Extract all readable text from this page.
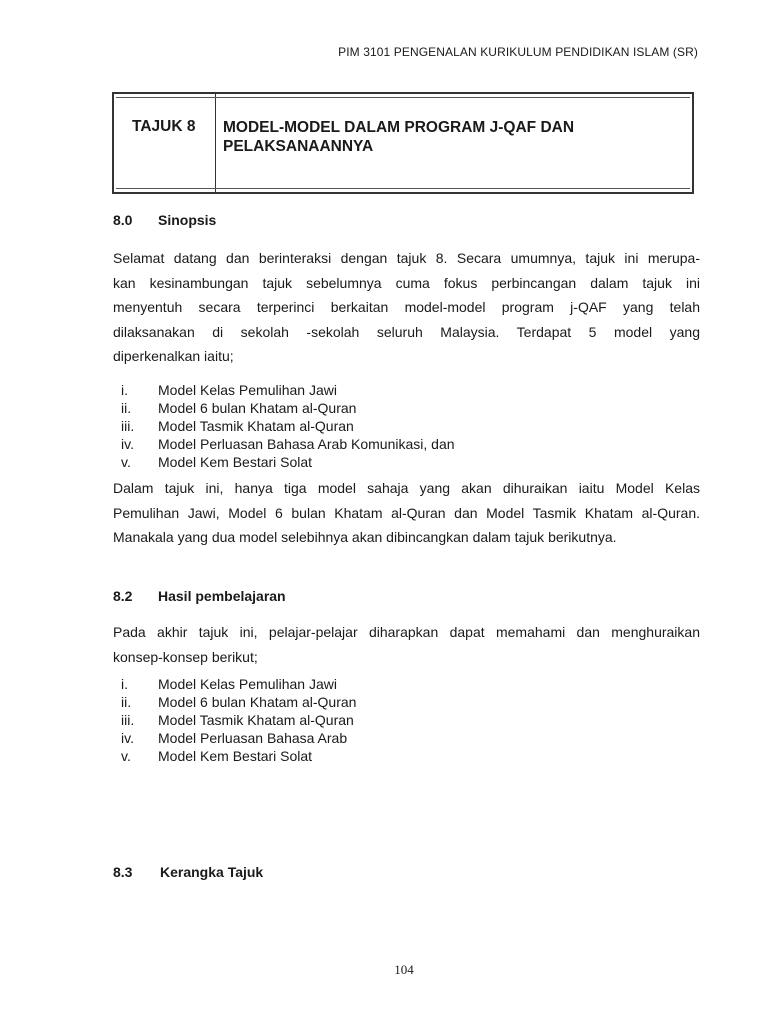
PIM 3101 PENGENALAN KURIKULUM PENDIDIKAN ISLAM (SR)
TAJUK 8	MODEL-MODEL DALAM PROGRAM J-QAF DAN
PELAKSANAANNYA
8.0 Sinopsis
Selamat datang dan berinteraksi dengan tajuk 8. Secara umumnya, tajuk ini merupa-
kan kesinambungan tajuk sebelumnya cuma fokus perbincangan dalam tajuk ini
menyentuh secara terperinci berkaitan model-model program j-QAF yang telah
dilaksanakan di sekolah -sekolah seluruh Malaysia. Terdapat 5 model yang
diperkenalkan iaitu;
i.	Model Kelas Pemulihan Jawi
ii.	Model 6 bulan Khatam al-Quran
iii.	Model Tasmik Khatam al-Quran
iv.	Model Perluasan Bahasa Arab Komunikasi, dan
v.	Model Kem Bestari Solat
Dalam tajuk ini, hanya tiga model sahaja yang akan dihuraikan iaitu Model Kelas
Pemulihan Jawi, Model 6 bulan Khatam al-Quran dan Model Tasmik Khatam al-Quran.
Manakala yang dua model selebihnya akan dibincangkan dalam tajuk berikutnya.
8.2 Hasil pembelajaran
Pada akhir tajuk ini, pelajar-pelajar diharapkan dapat memahami dan menghuraikan
konsep-konsep berikut;
i.	Model Kelas Pemulihan Jawi
ii.	Model 6 bulan Khatam al-Quran
iii.	Model Tasmik Khatam al-Quran
iv.	Model Perluasan Bahasa Arab
v.	Model Kem Bestari Solat
8.3 Kerangka Tajuk
104
